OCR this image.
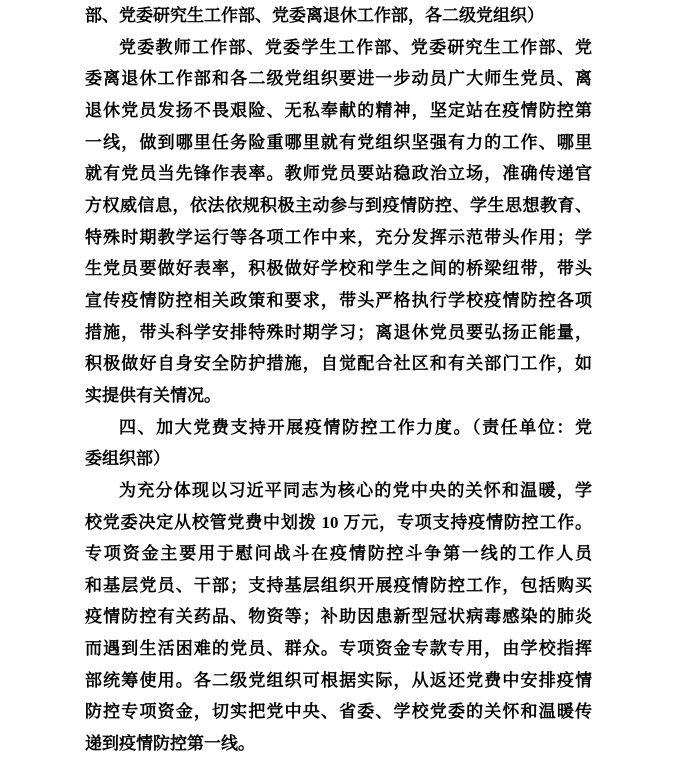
部、党委研究生工作部、党委离退休工作部，各二级党组织）
党委教师工作部、党委学生工作部、党委研究生工作部、党
委离退休工作部和各二级党组织要进一步动员广大师生党员、离
退休党员发扬不畏艰险、无私奉献的精神，坚定站在疫情防控第
一线，做到哪里任务险重哪里就有党组织坚强有力的工作、哪里
就有党员当先锋作表率。教师党员要站稳政治立场，准确传递官
方权威信息，依法依规积极主动参与到疫情防控、学生思想教育、
特殊时期教学运行等各项工作中来，充分发挥示范带头作用；学
生党员要做好表率，积极做好学校和学生之间的桥梁纽带，带头
宣传疫情防控相关政策和要求，带头严格执行学校疫情防控各项
措施，带头科学安排特殊时期学习；离退休党员要弘扬正能量，
积极做好自身安全防护措施，自觉配合社区和有关部门工作，如
实提供有关情况。
四、加大党费支持开展疫情防控工作力度。（责任单位：党
委组织部）
为充分体现以习近平同志为核心的党中央的关怀和温暖，学
校党委决定从校管党费中划拨 10 万元，专项支持疫情防控工作。
专项资金主要用于慰问战斗在疫情防控斗争第一线的工作人员
和基层党员、干部；支持基层组织开展疫情防控工作，包括购买
疫情防控有关药品、物资等；补助因患新型冠状病毒感染的肺炎
而遇到生活困难的党员、群众。专项资金专款专用，由学校指挥
部统筹使用。各二级党组织可根据实际，从返还党费中安排疫情
防控专项资金，切实把党中央、省委、学校党委的关怀和温暖传
递到疫情防控第一线。
